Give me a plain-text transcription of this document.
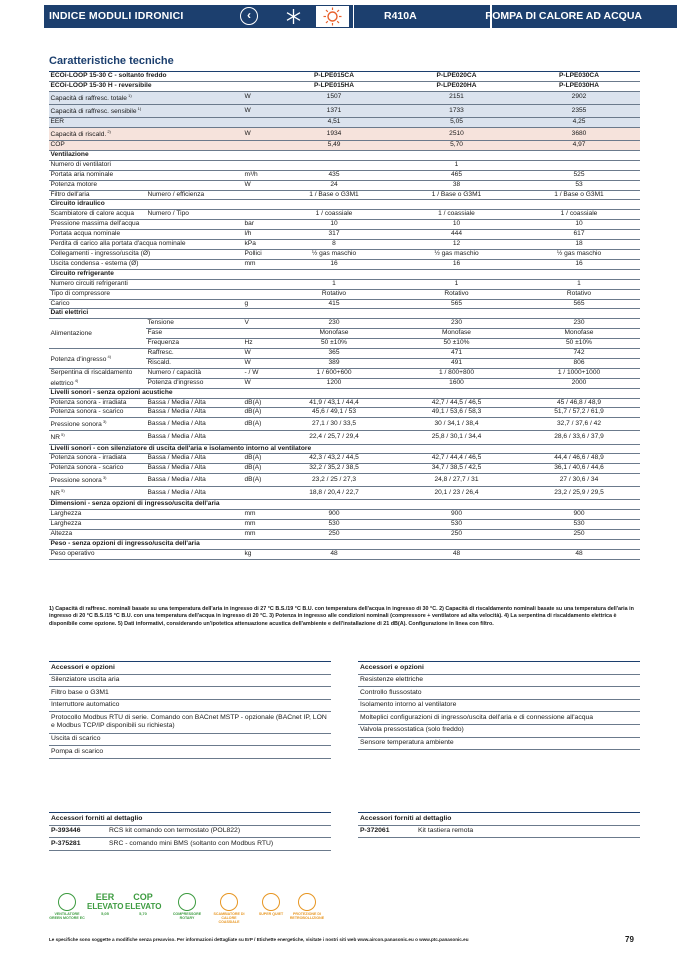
INDICE MODULI IDRONICI	‹	R410A	POMPA DI CALORE AD ACQUA
Caratteristiche tecniche
ECOi-LOOP 15-30 C - soltanto freddo			P-LPE015CA	P-LPE020CA	P-LPE030CA
ECOi-LOOP 15-30 H - reversibile			P-LPE015HA	P-LPE020HA	P-LPE030HA
Capacità di raffresc. totale $^{1)}$		W	1507	2151	2902
Capacità di raffresc. sensibile $^{1)}$		W	1371	1733	2355
EER			4,51	5,05	4,25
Capacità di riscald. $^{2)}$		W	1934	2510	3680
COP			5,49	5,70	4,97
Ventilazione					
Numero di ventilatori				1	
Portata aria nominale		m³/h	435	465	525
Potenza motore		W	24	38	53
Filtro dell'aria	Numero / efficienza		1 / Base o G3M1	1 / Base o G3M1	1 / Base o G3M1
Circuito idraulico					
Scambiatore di calore acqua	Numero / Tipo		1 / coassiale	1 / coassiale	1 / coassiale
Pressione massima dell'acqua		bar	10	10	10
Portata acqua nominale		l/h	317	444	617
Perdita di carico alla portata d'acqua nominale		kPa	8	12	18
Collegamenti - ingresso/uscita (Ø)		Pollici	½ gas maschio	½ gas maschio	½ gas maschio
Uscita condensa - esterna (Ø)		mm	16	16	16
Circuito refrigerante					
Numero circuiti refrigeranti			1	1	1
Tipo di compressore			Rotativo	Rotativo	Rotativo
Carico		g	415	565	565
Dati elettrici					
Alimentazione	Tensione	V	230	230	230
	Fase		Monofase	Monofase	Monofase
	Frequenza	Hz	50 ±10%	50 ±10%	50 ±10%
Potenza d'ingresso $^{4)}$	Raffresc.	W	365	471	742
	Riscald.	W	389	491	806
Serpentina di riscaldamento elettrico $^{4)}$	Numero / capacità	- / W	1 / 600+600	1 / 800+800	1 / 1000+1000
	Potenza d'ingresso	W	1200	1600	2000
Livelli sonori - senza opzioni acustiche					
Potenza sonora - irradiata	Bassa / Media / Alta	dB(A)	41,9 / 43,1 / 44,4	42,7 / 44,5 / 46,5	45 / 46,8 / 48,9
Potenza sonora - scarico	Bassa / Media / Alta	dB(A)	45,6 / 49,1 / 53	49,1 / 53,6 / 58,3	51,7 / 57,2 / 61,9
Pressione sonora $^{3)}$	Bassa / Media / Alta	dB(A)	27,1 / 30 / 33,5	30 / 34,1 / 38,4	32,7 / 37,6 / 42
NR $^{5)}$	Bassa / Media / Alta		22,4 / 25,7 / 29,4	25,8 / 30,1 / 34,4	28,6 / 33,6 / 37,9
Livelli sonori - con silenziatore di uscita dell'aria e isolamento intorno al ventilatore					
Potenza sonora - irradiata	Bassa / Media / Alta	dB(A)	42,3 / 43,2 / 44,5	42,7 / 44,4 / 46,5	44,4 / 46,6 / 48,9
Potenza sonora - scarico	Bassa / Media / Alta	dB(A)	32,2 / 35,2 / 38,5	34,7 / 38,5 / 42,5	36,1 / 40,6 / 44,6
Pressione sonora $^{3)}$	Bassa / Media / Alta	dB(A)	23,2 / 25 / 27,3	24,8 / 27,7 / 31	27 / 30,6 / 34
NR $^{5)}$	Bassa / Media / Alta		18,8 / 20,4 / 22,7	20,1 / 23 / 26,4	23,2 / 25,9 / 29,5
Dimensioni - senza opzioni di ingresso/uscita dell'aria					
Larghezza		mm	900	900	900
Larghezza		mm	530	530	530
Altezza		mm	250	250	250
Peso - senza opzioni di ingresso/uscita dell'aria					
Peso operativo		kg	48	48	48
1) Capacità di raffresc. nominali basate su una temperatura dell'aria in ingresso di 27 °C B.S./19 °C B.U. con temperatura dell'acqua in ingresso di 30 °C. 2) Capacità di riscaldamento nominali basate su una temperatura dell'aria in ingresso di 20 °C B.S./15 °C B.U. con una temperatura dell'acqua in ingresso di 20 °C. 3) Potenza in ingresso alle condizioni nominali (compressore + ventilatore ad alta velocità). 4) La serpentina di riscaldamento elettrica è disponibile come opzione. 5) Dati informativi, considerando un'ipotetica attenuazione acustica dell'ambiente e dell'installazione di 21 dB(A). Configurazione in linea con filtro.
Accessori e opzioni
Silenziatore uscita aria
Filtro base o G3M1
Interruttore automatico
Protocollo Modbus RTU di serie. Comando con BACnet MSTP - opzionale (BACnet IP, LON e Modbus TCP/IP disponibili su richiesta)
Uscita di scarico
Pompa di scarico
Accessori e opzioni
Resistenze elettriche
Controllo flussostato
Isolamento intorno al ventilatore
Molteplici configurazioni di ingresso/uscita dell'aria e di connessione all'acqua
Valvola pressostatica (solo freddo)
Sensore temperatura ambiente
Accessori forniti al dettaglio	
P-393446	RCS kit comando con termostato (POL822)
P-375281	SRC - comando mini BMS (soltanto con Modbus RTU)
Accessori forniti al dettaglio
P-372061	Kit tastiera remota
VENTILATORE GREEN MOTORE EC
EER
ELEVATO
5,05
COP
ELEVATO
5,70	COMPRESSORE ROTARY
SCAMBIATORE DI CALORE COASSIALE
SUPER QUIET	PROTEZIONE DI RETROBOLLIZIONE
Le specifiche sono soggette a modifiche senza preavviso. Per informazioni dettagliate su ErP / Etichette energetiche, visitate i nostri siti web www.aircon.panasonic.eu o www.ptc.panasonic.eu	79
